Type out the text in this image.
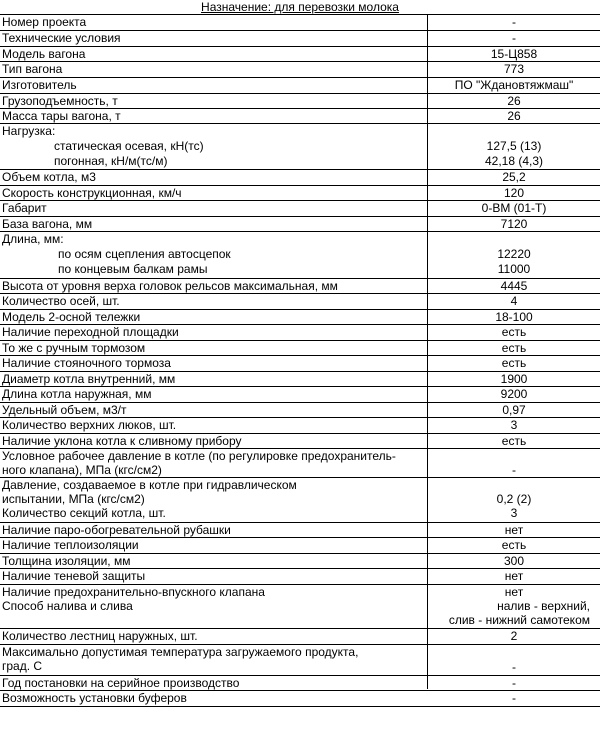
Назначение: для перевозки молока
Номер проекта	-
Технические условия	-
Модель вагона	15-Ц858
Тип вагона	773
Изготовитель	ПО "Ждановтяжмаш"
Грузоподъемность, т	26
Масса тары вагона, т	26
Нагрузка:
статическая осевая, кН(тс)	127,5 (13)
погонная, кН/м(тс/м)	42,18 (4,3)
Объем котла, м3	25,2
Скорость конструкционная, км/ч	120
Габарит	0-ВМ (01-Т)
База вагона, мм	7120
Длина, мм:
по осям сцепления автосцепок	12220
по концевым балкам рамы	11000
Высота от уровня верха головок рельсов максимальная, мм	4445
Количество осей, шт.	4
Модель 2-осной тележки	18-100
Наличие переходной площадки	есть
То же с ручным тормозом	есть
Наличие стояночного тормоза	есть
Диаметр котла внутренний, мм	1900
Длина котла наружная, мм	9200
Удельный объем, м3/т	0,97
Количество верхних люков, шт.	3
Наличие уклона котла к сливному прибору	есть
Условное рабочее давление в котле (по регулировке предохранитель-
ного клапана), МПа (кгс/см2)	-
Давление, создаваемое в котле при гидравлическом
испытании, МПа (кгс/см2)	0,2 (2)
Количество секций котла, шт.	3
Наличие паро-обогревательной рубашки	нет
Наличие теплоизоляции	есть
Толщина изоляции, мм	300
Наличие теневой защиты	нет
Наличие предохранительно-впускного клапана	нет
Способ налива и слива	налив - верхний,
слив - нижний самотеком
Количество лестниц наружных, шт.	2
Максимально допустимая температура загружаемого продукта,
град. С	-
Год постановки на серийное производство	-
Возможность установки буферов	-
